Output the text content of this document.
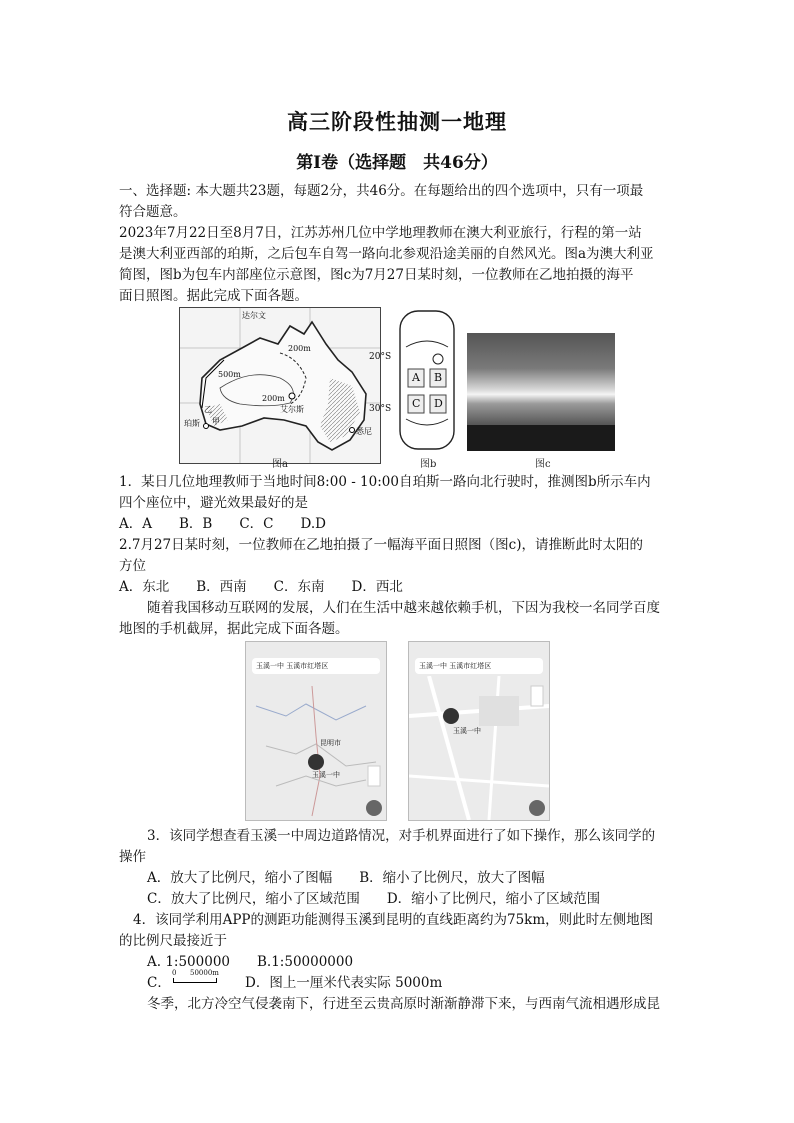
高三阶段性抽测一地理
第Ⅰ卷（选择题　共46分）
一、选择题: 本大题共23题，每题2分，共46分。在每题给出的四个选项中，只有一项最
符合题意。
2023年7月22日至8月7日，江苏苏州几位中学地理教师在澳大利亚旅行，行程的第一站
是澳大利亚西部的珀斯，之后包车自驾一路向北参观沿途美丽的自然风光。图a为澳大利亚
简图，图b为包车内部座位示意图，图c为7月27日某时刻，一位教师在乙地拍摄的海平
面日照图。据此完成下面各题。
达尔文
200m
500m
200m
艾尔斯
珀斯 甲
乙
悉尼
图a
20°S
30°S
A B
C D
图b	图c
1．某日几位地理教师于当地时间8:00 - 10:00自珀斯一路向北行驶时，推测图b所示车内
四个座位中，避光效果最好的是
A．A　　B．B　　C．C　　D.D
2.7月27日某时刻，一位教师在乙地拍摄了一幅海平面日照图（图c)，请推断此时太阳的
方位
A．东北　　B．西南　　C．东南　　D．西北
随着我国移动互联网的发展，人们在生活中越来越依赖手机，下因为我校一名同学百度
地图的手机截屏，据此完成下面各题。
玉溪一中 玉溪市红塔区
昆明市
玉溪一中
玉溪一中 玉溪市红塔区
玉溪一中
3．该同学想查看玉溪一中周边道路情况，对手机界面进行了如下操作，那么该同学的
操作
A．放大了比例尺，缩小了图幅　　B．缩小了比例尺，放大了图幅
C．放大了比例尺，缩小了区域范围　　D．缩小了比例尺，缩小了区域范围
4．该同学利用APP的测距功能测得玉溪到昆明的直线距离约为75km，则此时左侧地图
的比例尺最接近于
A. 1:500000　　B.1:50000000
C．
0 50000m
D．图上一厘米代表实际 5000m
冬季，北方冷空气侵袭南下，行进至云贵高原时渐渐静滞下来，与西南气流相遇形成昆
